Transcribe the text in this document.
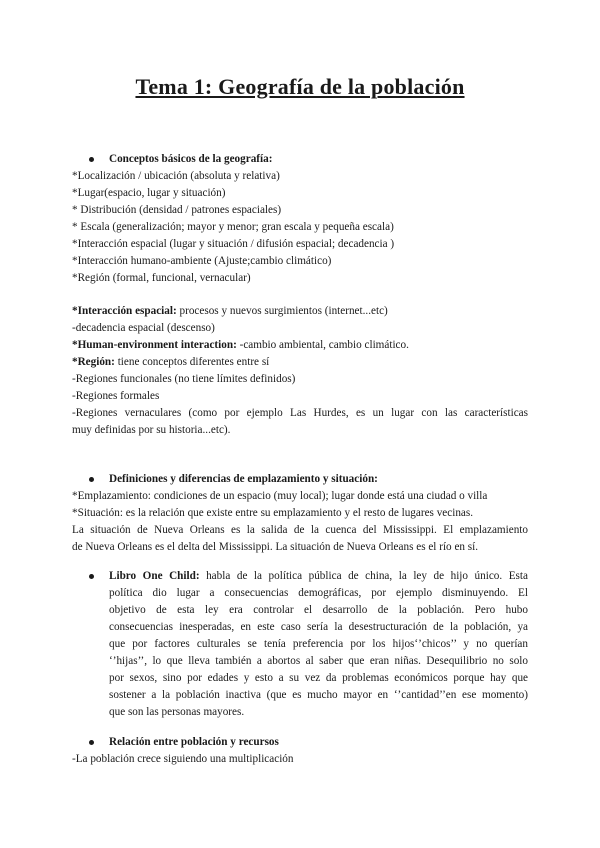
Tema 1: Geografía de la población
Conceptos básicos de la geografía:
*Localización / ubicación (absoluta y relativa)
*Lugar(espacio, lugar y situación)
* Distribución (densidad / patrones espaciales)
* Escala (generalización; mayor y menor; gran escala y pequeña escala)
*Interacción espacial (lugar y situación / difusión espacial; decadencia )
*Interacción humano-ambiente (Ajuste;cambio climático)
*Región (formal, funcional, vernacular)
*Interacción espacial: procesos y nuevos surgimientos (internet...etc)
-decadencia espacial (descenso)
*Human-environment interaction: -cambio ambiental, cambio climático.
*Región: tiene conceptos diferentes entre sí
-Regiones funcionales (no tiene límites definidos)
-Regiones formales
-Regiones vernaculares (como por ejemplo Las Hurdes, es un lugar con las características
muy definidas por su historia...etc).
Definiciones y diferencias de emplazamiento y situación:
*Emplazamiento: condiciones de un espacio (muy local); lugar donde está una ciudad o villa
*Situación: es la relación que existe entre su emplazamiento y el resto de lugares vecinas.
La situación de Nueva Orleans es la salida de la cuenca del Mississippi. El emplazamiento
de Nueva Orleans es el delta del Mississippi. La situación de Nueva Orleans es el río en sí.
Libro One Child: habla de la política pública de china, la ley de hijo único. Esta
política dio lugar a consecuencias demográficas, por ejemplo disminuyendo. El
objetivo de esta ley era controlar el desarrollo de la población. Pero hubo
consecuencias inesperadas, en este caso sería la desestructuración de la población, ya
que por factores culturales se tenía preferencia por los hijos‘’chicos’’ y no querían
‘’hijas’’, lo que lleva también a abortos al saber que eran niñas. Desequilibrio no solo
por sexos, sino por edades y esto a su vez da problemas económicos porque hay que
sostener a la población inactiva (que es mucho mayor en ‘’cantidad’’en ese momento)
que son las personas mayores.
Relación entre población y recursos
-La población crece siguiendo una multiplicación
